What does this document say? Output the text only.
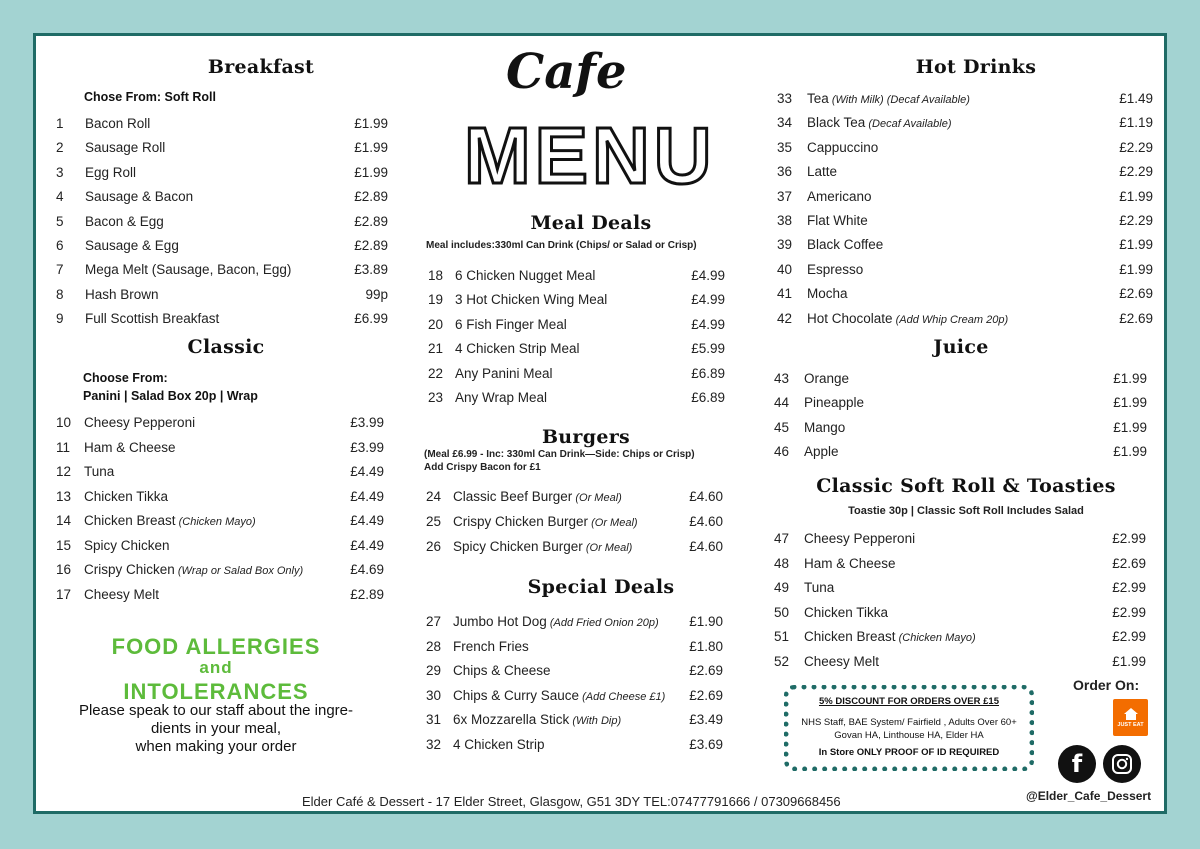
Breakfast
Chose From: Soft Roll
1 Bacon Roll	£1.99
2 Sausage Roll	£1.99
3 Egg Roll	£1.99
4 Sausage & Bacon	£2.89
5 Bacon & Egg	£2.89
6 Sausage & Egg	£2.89
7 Mega Melt (Sausage, Bacon, Egg)	£3.89
8 Hash Brown	99p
9 Full Scottish Breakfast	£6.99
Classic
Choose From:
Panini | Salad Box 20p | Wrap
10 Cheesy Pepperoni	£3.99
11 Ham & Cheese	£3.99
12 Tuna	£4.49
13 Chicken Tikka	£4.49
14 Chicken Breast (Chicken Mayo)	£4.49
15 Spicy Chicken	£4.49
16 Crispy Chicken (Wrap or Salad Box Only)	£4.69
17 Cheesy Melt	£2.89
FOOD ALLERGIES
and
INTOLERANCES
Please speak to our staff about the ingre-
dients in your meal,
when making your order
Cafe
MENU
Meal Deals
Meal includes:330ml Can Drink (Chips/ or Salad or Crisp)
18 6 Chicken Nugget Meal	£4.99
19 3 Hot Chicken Wing Meal	£4.99
20 6 Fish Finger Meal	£4.99
21 4 Chicken Strip Meal	£5.99
22 Any Panini Meal	£6.89
23 Any Wrap Meal	£6.89
Burgers
(Meal £6.99 - Inc: 330ml Can Drink—Side: Chips or Crisp)
Add Crispy Bacon for £1
24 Classic Beef Burger (Or Meal)	£4.60
25 Crispy Chicken Burger (Or Meal)	£4.60
26 Spicy Chicken Burger (Or Meal)	£4.60
Special Deals
27 Jumbo Hot Dog (Add Fried Onion 20p) £1.90
28 French Fries	£1.80
29 Chips & Cheese	£2.69
30 Chips & Curry Sauce (Add Cheese £1) £2.69
31 6x Mozzarella Stick (With Dip)	£3.49
32 4 Chicken Strip	£3.69
Hot Drinks
33 Tea (With Milk) (Decaf Available)	£1.49
34 Black Tea (Decaf Available)	£1.19
35 Cappuccino	£2.29
36 Latte	£2.29
37 Americano	£1.99
38 Flat White	£2.29
39 Black Coffee	£1.99
40 Espresso	£1.99
41 Mocha	£2.69
42 Hot Chocolate (Add Whip Cream 20p)	£2.69
Juice
43 Orange	£1.99
44 Pineapple	£1.99
45 Mango	£1.99
46 Apple	£1.99
Classic Soft Roll & Toasties
Toastie 30p | Classic Soft Roll Includes Salad
47 Cheesy Pepperoni	£2.99
48 Ham & Cheese	£2.69
49 Tuna	£2.99
50 Chicken Tikka	£2.99
51 Chicken Breast (Chicken Mayo)	£2.99
52 Cheesy Melt	£1.99
5% DISCOUNT FOR ORDERS OVER £15
NHS Staff, BAE System/ Fairfield , Adults Over 60+
Govan HA, Linthouse HA, Elder HA
In Store ONLY PROOF OF ID REQUIRED
Order On:
JUST EAT
f
@Elder_Cafe_Dessert
Elder Café & Dessert - 17 Elder Street, Glasgow, G51 3DY TEL:07477791666 / 07309668456
